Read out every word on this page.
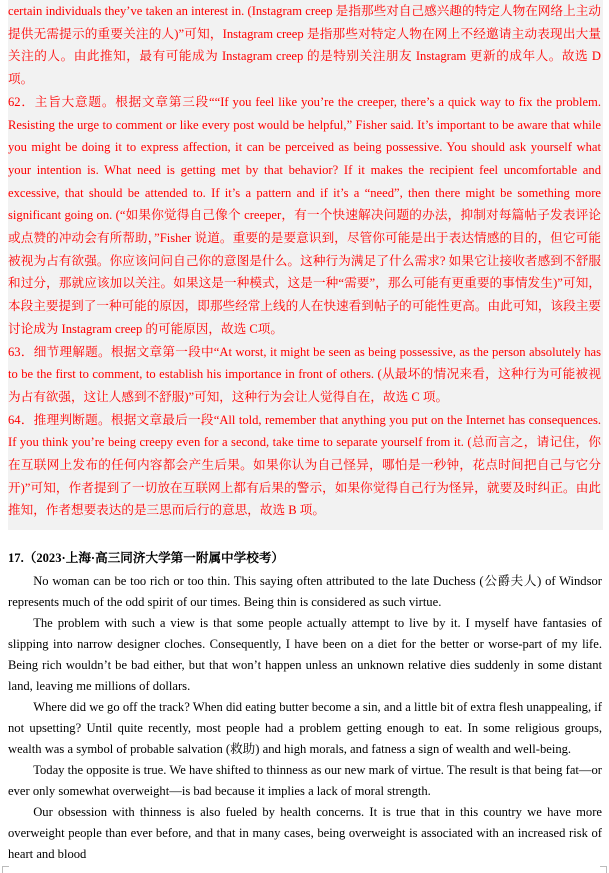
certain individuals they’ve taken an interest in. (Instagram creep 是指那些对自己感兴趣的特定人物在网络上主动提供无需提示的重要关注的人)”可知，Instagram creep 是指那些对特定人物在网上不经邀请主动表现出大量关注的人。由此推知，最有可能成为 Instagram creep 的是特别关注朋友 Instagram 更新的成年人。故选 D 项。

62．主旨大意题。根据文章第三段““If you feel like you’re the creeper, there’s a quick way to fix the problem. Resisting the urge to comment or like every post would be helpful,” Fisher said. It’s important to be aware that while you might be doing it to express affection, it can be perceived as being possessive. You should ask yourself what your intention is. What need is getting met by that behavior? If it makes the recipient feel uncomfortable and excessive, that should be attended to. If it’s a pattern and if it’s a “need”, then there might be something more significant going on. (“如果你觉得自己像个 creeper，有一个快速解决问题的办法，抑制对每篇帖子发表评论或点赞的冲动会有所帮助，”Fisher 说道。重要的是要意识到，尽管你可能是出于表达情感的目的，但它可能被视为占有欲强。你应该问问自己你的意图是什么。这种行为满足了什么需求? 如果它让接收者感到不舒服和过分，那就应该加以关注。如果这是一种模式，这是一种“需要”，那么可能有更重要的事情发生)”可知，本段主要提到了一种可能的原因，即那些经常上线的人在快速看到帖子的可能性更高。由此可知，该段主要讨论成为 Instagram creep 的可能原因，故选 C项。

63．细节理解题。根据文章第一段中“At worst, it might be seen as being possessive, as the person absolutely has to be the first to comment, to establish his importance in front of others. (从最坏的情况来看，这种行为可能被视为占有欲强，这让人感到不舒服)”可知，这种行为会让人觉得自在，故选 C 项。

64．推理判断题。根据文章最后一段“All told, remember that anything you put on the Internet has consequences. If you think you’re being creepy even for a second, take time to separate yourself from it. (总而言之，请记住，你在互联网上发布的任何内容都会产生后果。如果你认为自己怪异，哪怕是一秒钟，花点时间把自己与它分开)”可知，作者提到了一切放在互联网上都有后果的警示，如果你觉得自己行为怪异，就要及时纠正。由此推知，作者想要表达的是三思而后行的意思，故选 B 项。

17.（2023·上海·高三同济大学第一附属中学校考）

No woman can be too rich or too thin. This saying often attributed to the late Duchess (公爵夫人) of Windsor represents much of the odd spirit of our times. Being thin is considered as such virtue.

The problem with such a view is that some people actually attempt to live by it. I myself have fantasies of slipping into narrow designer cloches. Consequently, I have been on a diet for the better or worse-part of my life. Being rich wouldn’t be bad either, but that won’t happen unless an unknown relative dies suddenly in some distant land, leaving me millions of dollars.

Where did we go off the track? When did eating butter become a sin, and a little bit of extra flesh unappealing, if not upsetting? Until quite recently, most people had a problem getting enough to eat. In some religious groups, wealth was a symbol of probable salvation (救助) and high morals, and fatness a sign of wealth and well-being.

Today the opposite is true. We have shifted to thinness as our new mark of virtue. The result is that being fat—or ever only somewhat overweight—is bad because it implies a lack of moral strength.

Our obsession with thinness is also fueled by health concerns. It is true that in this country we have more overweight people than ever before, and that in many cases, being overweight is associated with an increased risk of heart and blood
